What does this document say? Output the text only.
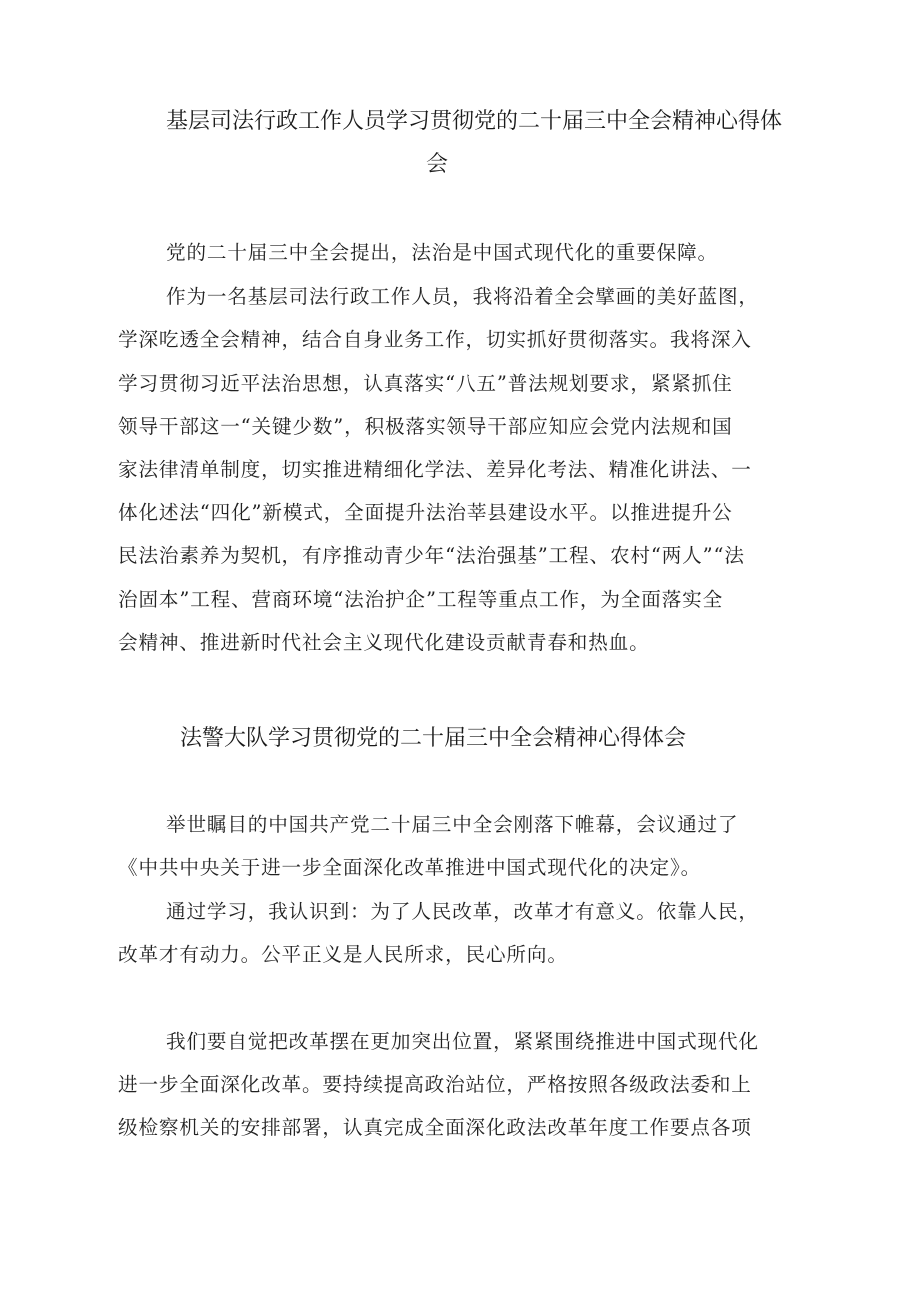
基层司法行政工作人员学习贯彻党的二十届三中全会精神心得体
会
党的二十届三中全会提出，法治是中国式现代化的重要保障。
作为一名基层司法行政工作人员，我将沿着全会擘画的美好蓝图，
学深吃透全会精神，结合自身业务工作，切实抓好贯彻落实。我将深入
学习贯彻习近平法治思想，认真落实“八五”普法规划要求，紧紧抓住
领导干部这一“关键少数”，积极落实领导干部应知应会党内法规和国
家法律清单制度，切实推进精细化学法、差异化考法、精准化讲法、一
体化述法“四化”新模式，全面提升法治莘县建设水平。以推进提升公
民法治素养为契机，有序推动青少年“法治强基”工程、农村“两人”“法
治固本”工程、营商环境“法治护企”工程等重点工作，为全面落实全
会精神、推进新时代社会主义现代化建设贡献青春和热血。
法警大队学习贯彻党的二十届三中全会精神心得体会
举世瞩目的中国共产党二十届三中全会刚落下帷幕，会议通过了
《中共中央关于进一步全面深化改革推进中国式现代化的决定》。
通过学习，我认识到：为了人民改革，改革才有意义。依靠人民，
改革才有动力。公平正义是人民所求，民心所向。
我们要自觉把改革摆在更加突出位置，紧紧围绕推进中国式现代化
进一步全面深化改革。要持续提高政治站位，严格按照各级政法委和上
级检察机关的安排部署，认真完成全面深化政法改革年度工作要点各项
